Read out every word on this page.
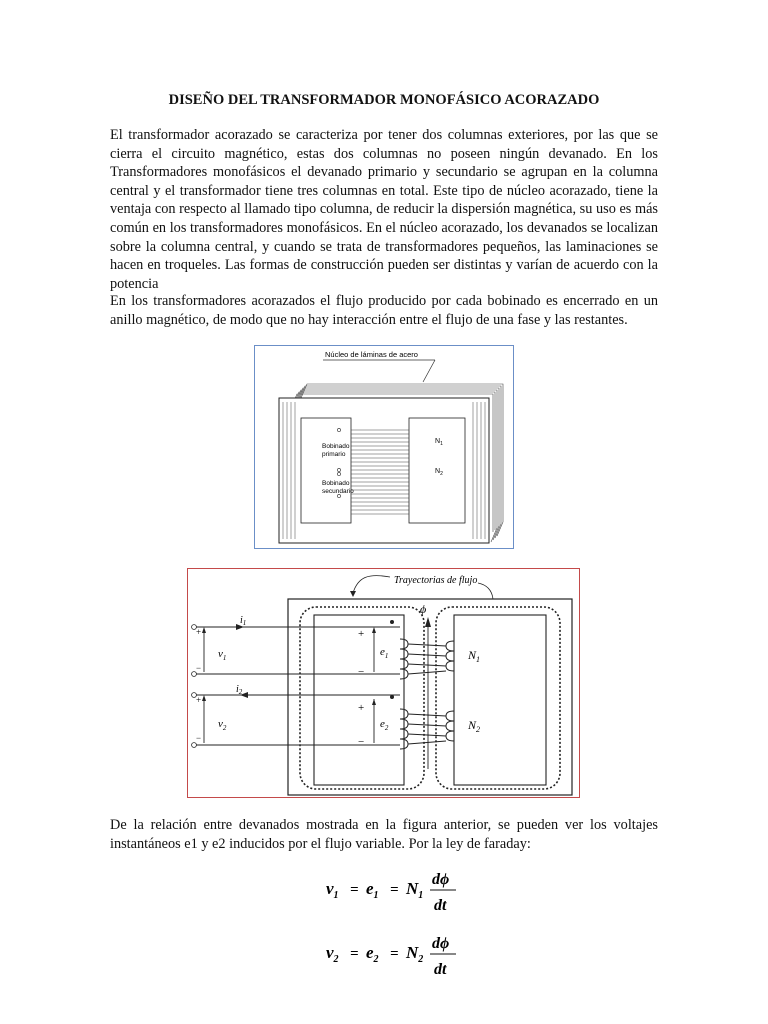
DISEÑO DEL TRANSFORMADOR MONOFÁSICO ACORAZADO

El transformador acorazado se caracteriza por tener dos columnas exteriores, por las que se cierra el circuito magnético, estas dos columnas no poseen ningún devanado. En los Transformadores monofásicos el devanado primario y secundario se agrupan en la columna central y el transformador tiene tres columnas en total. Este tipo de núcleo acorazado, tiene la ventaja con respecto al llamado tipo columna, de reducir la dispersión magnética, su uso es más común en los transformadores monofásicos. En el núcleo acorazado, los devanados se localizan sobre la columna central, y cuando se trata de transformadores pequeños, las laminaciones se hacen en troqueles. Las formas de construcción pueden ser distintas y varían de acuerdo con la potencia

En los transformadores acorazados el flujo producido por cada bobinado es encerrado en un anillo magnético, de modo que no hay interacción entre el flujo de una fase y las restantes.

Núcleo de láminas de acero
Bobinado
primario
Bobinado
secundario
$N_1$
$N_2$
Trayectorias de flujo
ϕ
$N_1$
$N_2$
$i_1$
$i_2$
$v_1$
$v_2$
+
−
+
−
+
−
+
−
$e_1$
$e_2$

De la relación entre devanados mostrada en la figura anterior, se pueden ver los voltajes instantáneos e1 y e2 inducidos por el flujo variable. Por la ley de faraday:

$v_1 = e_1 = N_1$
dϕ
dt
$v_2 = e_2 = N_2$
dϕ
dt
